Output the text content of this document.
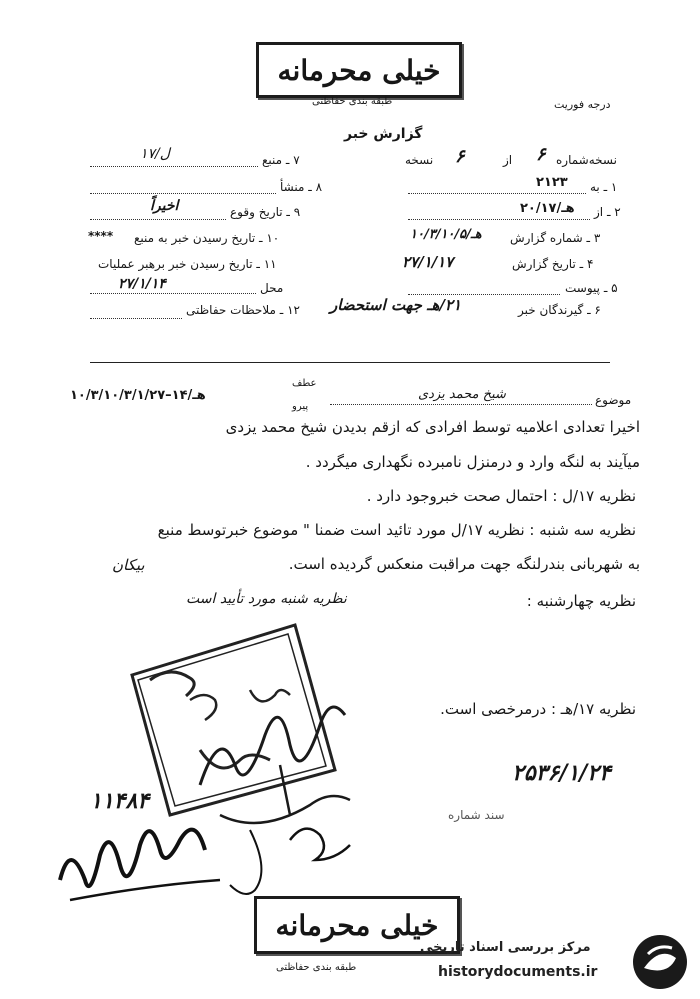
خیلی محرمانه
طبقه بندی حفاظتی	درجه فوریت
گزارش خبر
۷ ـ منبع
۱۷/ل
۸ ـ منشأ
۹ ـ تاریخ وقوع
اخیراً
۱۰ ـ تاریخ رسیدن خبر به منبع
****
۱۱ ـ تاریخ رسیدن خبر برهبر عملیات
محل
۲۷/۱/۱۴
۱۲ ـ ملاحظات حفاظتی
نسخه‌شماره
۶
از
۶
نسخه
۱ ـ به
۲۱۲۳
۲ ـ از
۲۰/۱۷/هـ
۳ ـ شماره گزارش
۱۰/۳/۱۰/هـ/۵
۴ ـ تاریخ گزارش
۲۷/۱/۱۷
۵ ـ پیوست
۶ ـ گیرندگان خبر
۲۱/هـ جهت استحضار
موضوع
شیخ محمد یزدی
عطف
پیرو
۱۰/۳/۱۰/هـ/۱۴–۳/۱/۲۷
اخیرا تعدادی اعلامیه توسط افرادی که ازقم بدیدن شیخ محمد یزدی
میآیند به لنگه وارد و درمنزل نامبرده نگهداری میگردد .
نظریه ۱۷/ل : احتمال صحت خبروجود دارد .
نظریه سه شنبه : نظریه ۱۷/ل مورد تائید است ضمنا " موضوع خبرتوسط منبع
به شهربانی بندرلنگه جهت مراقبت منعکس گردیده است.
بیکان
نظریه چهارشنبه :
نظریه شنبه مورد تأیید است
نظریه ۱۷/هـ : درمرخصی است.
۲۵۳۶/۱/۲۴
سند شماره
۱۱۴۸۴
خیلی محرمانه
طبقه بندی حفاظتی
مرکز بررسی اسناد تاریخی
historydocuments.ir
